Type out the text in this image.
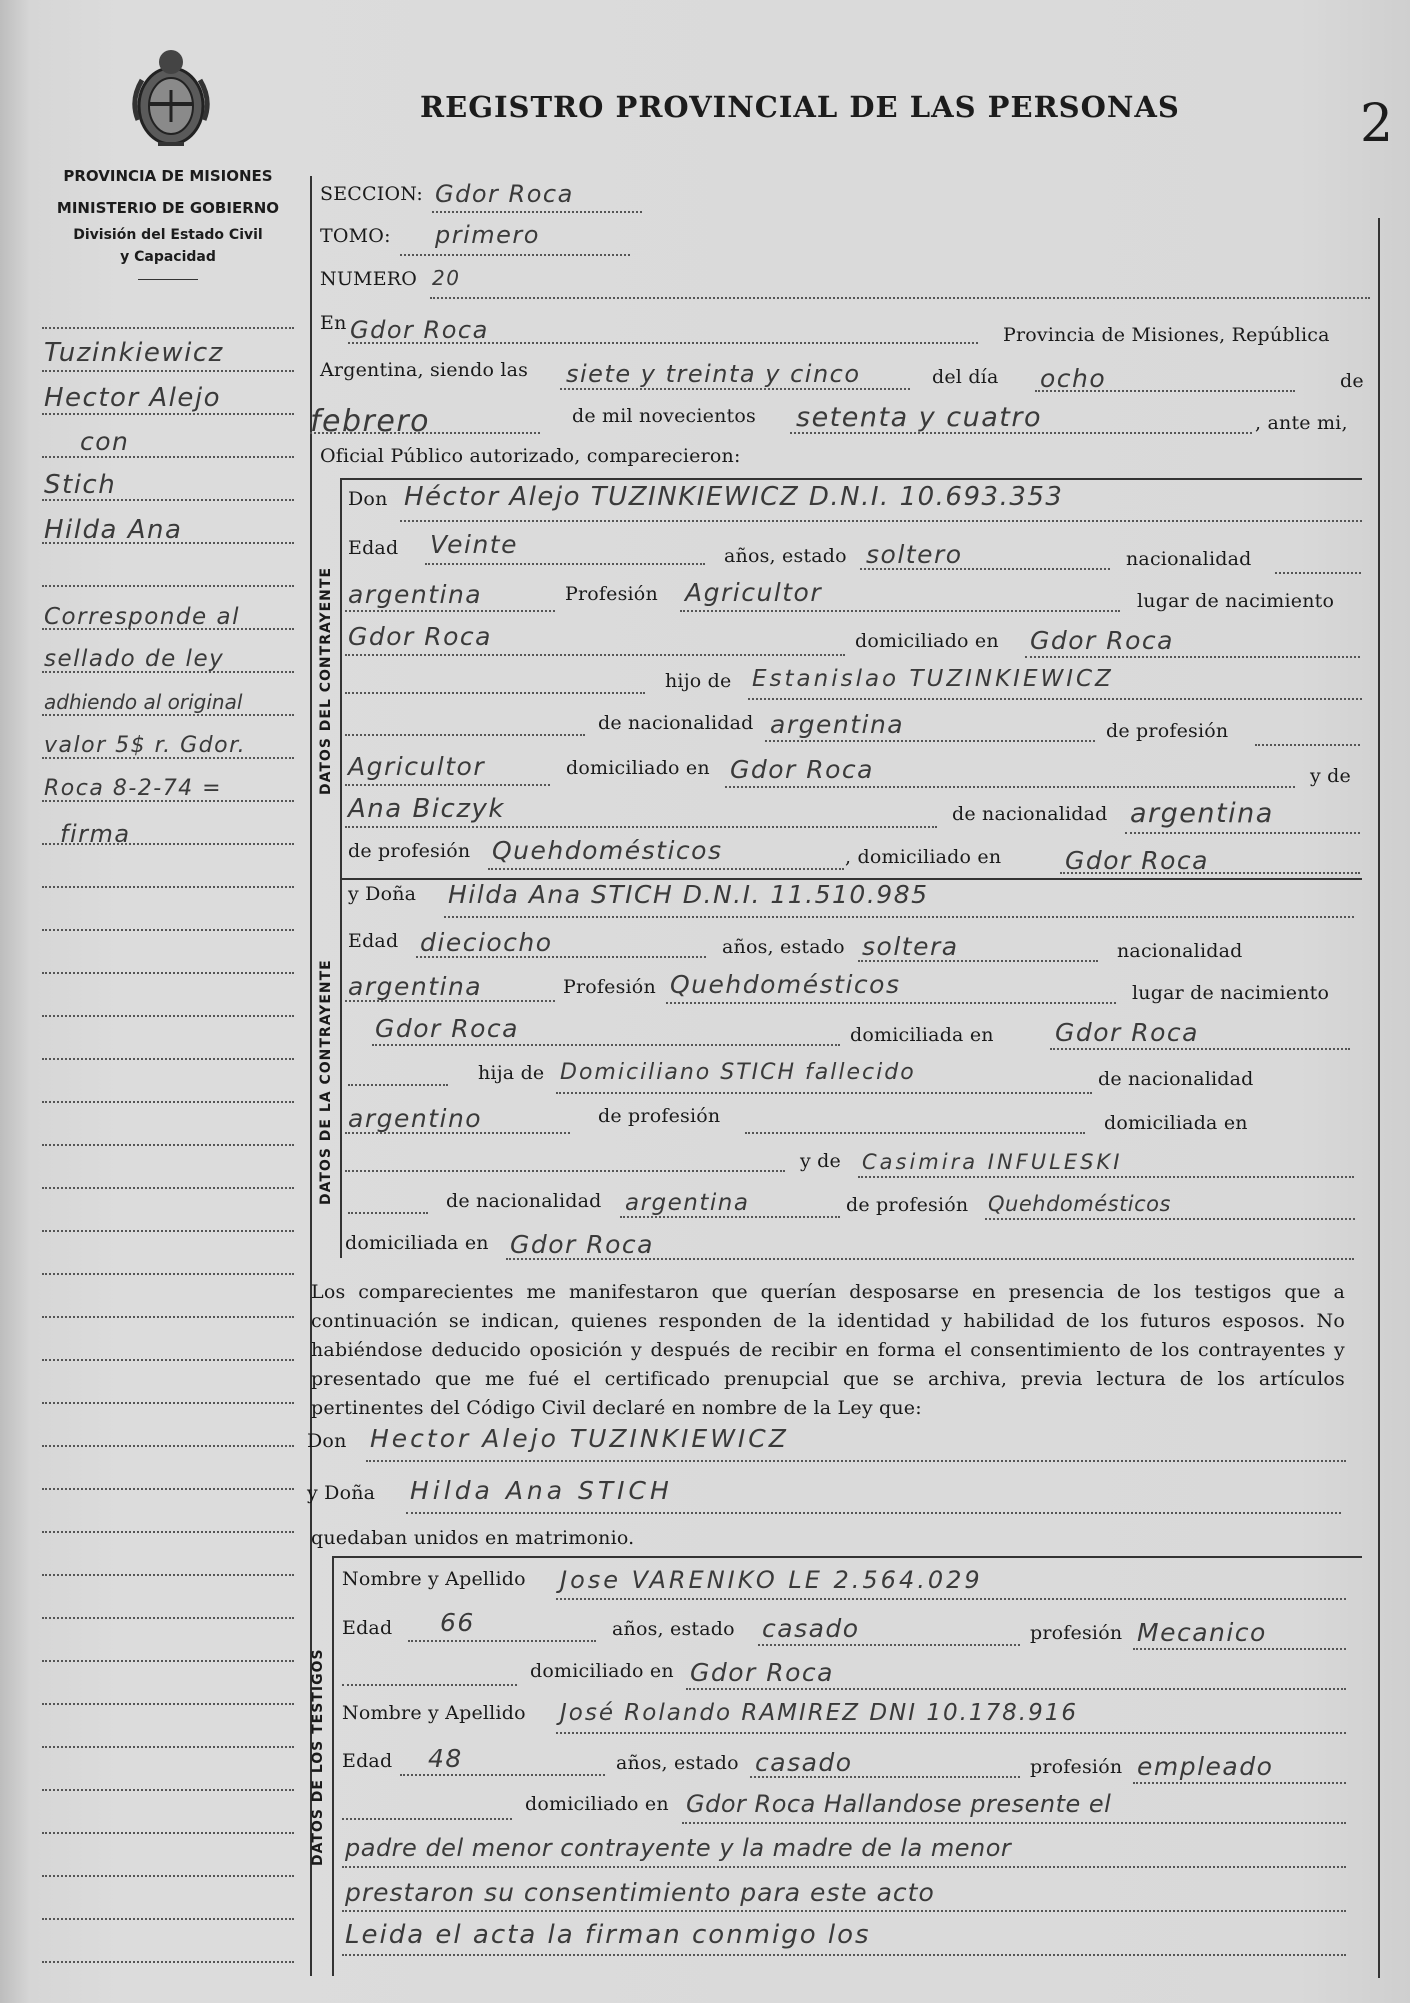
PROVINCIA DE MISIONES
MINISTERIO DE GOBIERNO
División del Estado Civil
y Capacidad
REGISTRO PROVINCIAL DE LAS PERSONAS	2
Tuzinkiewicz
Hector Alejo
con
Stich
Hilda Ana
Corresponde al
sellado de ley
adhiendo al original
valor 5$ r. Gdor.
Roca 8-2-74 =
firma
SECCION: Gdor Roca
TOMO: primero
NUMERO 20
En Gdor Roca	Provincia de Misiones, República
Argentina, siendo las siete y treinta y cinco	del día ocho	de
febrero	de mil novecientos setenta y cuatro	, ante mi,
Oficial Público autorizado, comparecieron:
DATOS DEL CONTRAYENTE
Don Héctor Alejo TUZINKIEWICZ D.N.I. 10.693.353
Edad Veinte	años, estado soltero	nacionalidad
argentina	Profesión Agricultor	lugar de nacimiento
Gdor Roca	domiciliado en Gdor Roca
hijo de Estanislao TUZINKIEWICZ
de nacionalidad argentina	de profesión
Agricultor	domiciliado en Gdor Roca	y de
Ana Biczyk	de nacionalidad argentina
de profesión Quehdomésticos	, domiciliado en	Gdor Roca
DATOS DE LA CONTRAYENTE
y Doña Hilda Ana STICH D.N.I. 11.510.985
Edad dieciocho	años, estado soltera	nacionalidad
argentina	Profesión Quehdomésticos	lugar de nacimiento
Gdor Roca	domiciliada en Gdor Roca
hija de Domiciliano STICH fallecido	de nacionalidad
argentino	de profesión	domiciliada en
y de Casimira INFULESKI
de nacionalidad argentina	de profesión Quehdomésticos
domiciliada en Gdor Roca
Los comparecientes me manifestaron que querían desposarse en presencia de los testigos que a continuación se indican, quienes responden de la identidad y habilidad de los futuros esposos. No habiéndose deducido oposición y después de recibir en forma el consentimiento de los contrayentes y presentado que me fué el certificado prenupcial que se archiva, previa lectura de los artículos pertinentes del Código Civil declaré en nombre de la Ley que:
Don Hector Alejo TUZINKIEWICZ
y Doña Hilda Ana STICH
quedaban unidos en matrimonio.
DATOS DE LOS TESTIGOS
Nombre y Apellido Jose VARENIKO LE 2.564.029
Edad 66	años, estado casado	profesión Mecanico
domiciliado en Gdor Roca
Nombre y Apellido José Rolando RAMIREZ DNI 10.178.916
Edad 48	años, estado casado	profesión empleado
domiciliado en Gdor Roca Hallandose presente el
padre del menor contrayente y la madre de la menor
prestaron su consentimiento para este acto
Leida el acta la firman conmigo los
